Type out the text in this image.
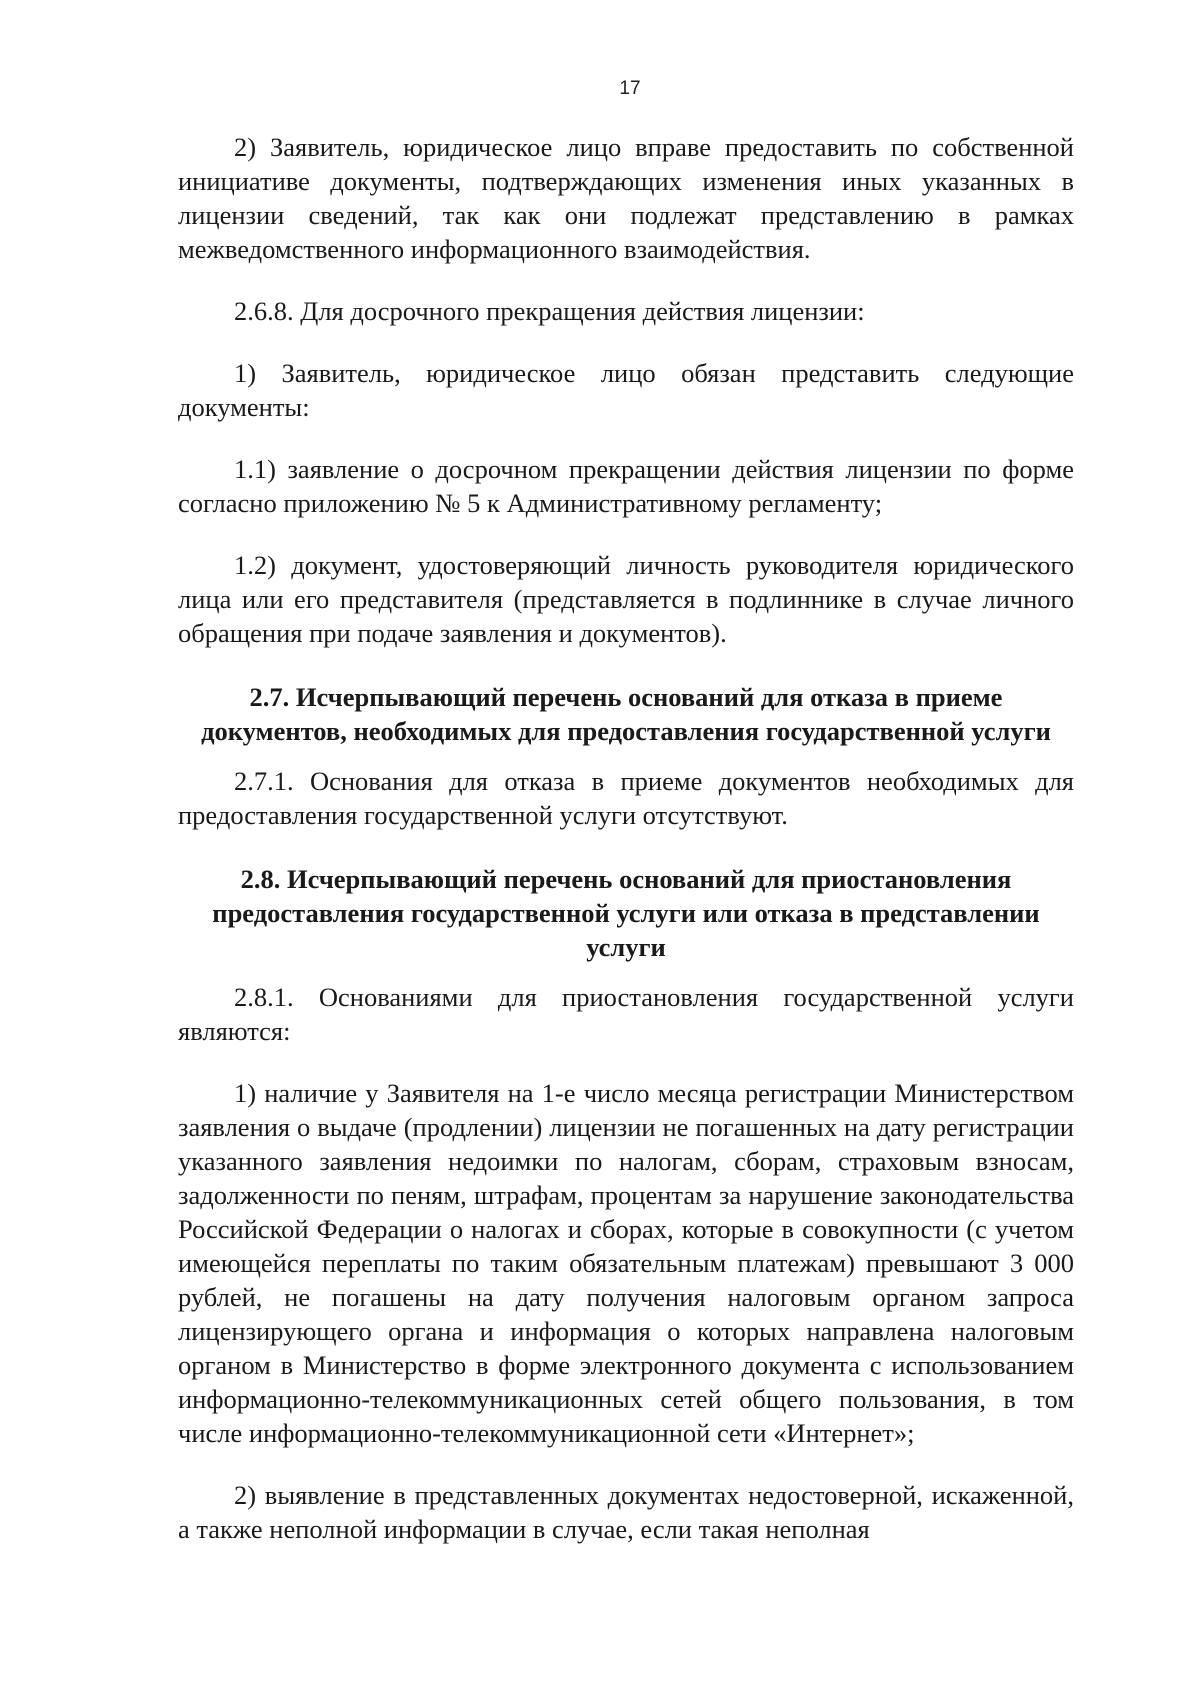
17

2) Заявитель, юридическое лицо вправе предоставить по собственной инициативе документы, подтверждающих изменения иных указанных в лицензии сведений, так как они подлежат представлению в рамках межведомственного информационного взаимодействия.

2.6.8. Для досрочного прекращения действия лицензии:

1) Заявитель, юридическое лицо обязан представить следующие документы:

1.1) заявление о досрочном прекращении действия лицензии по форме согласно приложению № 5 к Административному регламенту;

1.2) документ, удостоверяющий личность руководителя юридического лица или его представителя (представляется в подлиннике в случае личного обращения при подаче заявления и документов).

2.7. Исчерпывающий перечень оснований для отказа в приеме документов, необходимых для предоставления государственной услуги

2.7.1. Основания для отказа в приеме документов необходимых для предоставления государственной услуги отсутствуют.

2.8. Исчерпывающий перечень оснований для приостановления предоставления государственной услуги или отказа в представлении услуги

2.8.1. Основаниями для приостановления государственной услуги являются:

1) наличие у Заявителя на 1-е число месяца регистрации Министерством заявления о выдаче (продлении) лицензии не погашенных на дату регистрации указанного заявления недоимки по налогам, сборам, страховым взносам, задолженности по пеням, штрафам, процентам за нарушение законодательства Российской Федерации о налогах и сборах, которые в совокупности (с учетом имеющейся переплаты по таким обязательным платежам) превышают 3 000 рублей, не погашены на дату получения налоговым органом запроса лицензирующего органа и информация о которых направлена налоговым органом в Министерство в форме электронного документа с использованием информационно-телекоммуникационных сетей общего пользования, в том числе информационно-телекоммуникационной сети «Интернет»;

2) выявление в представленных документах недостоверной, искаженной, а также неполной информации в случае, если такая неполная
